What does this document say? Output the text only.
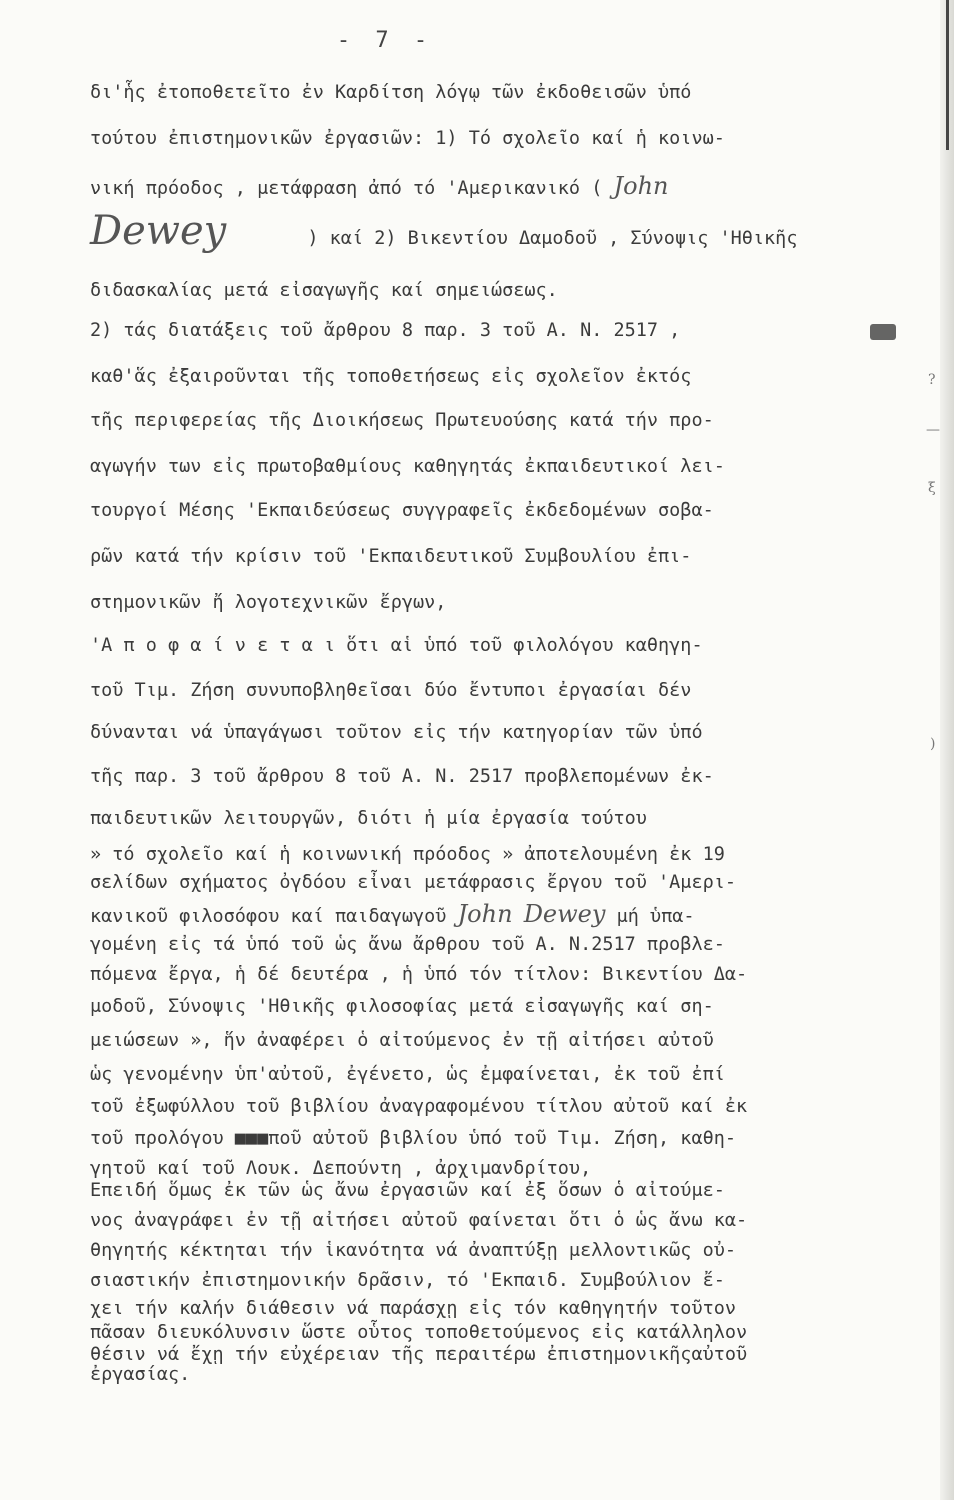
- 7 -
δι'ἧς ἐτοποθετεῖτο ἐν Καρδίτση λόγῳ τῶν ἐκδοθεισῶν ὑπό
τούτου ἐπιστημονικῶν ἐργασιῶν: 1) Τό σχολεῖο καί ἡ κοινω-
νική πρόοδος , μετάφραση ἀπό τό 'Αμερικανικό ( John
Dewey	) καί 2) Βικεντίου Δαμοδοῦ , Σύνοψις 'Ηθικῆς
διδασκαλίας μετά εἰσαγωγῆς καί σημειώσεως.
2) τάς διατάξεις τοῦ ἄρθρου 8 παρ. 3 τοῦ Α. Ν. 2517 ,
καθ'ἅς ἐξαιροῦνται τῆς τοποθετήσεως εἰς σχολεῖον ἐκτός
τῆς περιφερείας τῆς Διοικήσεως Πρωτευούσης κατά τήν προ-
αγωγήν των εἰς πρωτοβαθμίους καθηγητάς ἐκπαιδευτικοί λει-
τουργοί Μέσης 'Εκπαιδεύσεως συγγραφεῖς ἐκδεδομένων σοβα-
ρῶν κατά τήν κρίσιν τοῦ 'Εκπαιδευτικοῦ Συμβουλίου ἐπι-
στημονικῶν ἤ λογοτεχνικῶν ἔργων,
'Α π ο φ α ί ν ε τ α ι ὅτι αἱ ὑπό τοῦ φιλολόγου καθηγη-
τοῦ Τιμ. Ζήση συνυποβληθεῖσαι δύο ἔντυποι ἐργασίαι δέν
δύνανται νά ὑπαγάγωσι τοῦτον εἰς τήν κατηγορίαν τῶν ὑπό
τῆς παρ. 3 τοῦ ἄρθρου 8 τοῦ Α. Ν. 2517 προβλεπομένων ἐκ-
παιδευτικῶν λειτουργῶν, διότι ἡ μία ἐργασία τούτου
» τό σχολεῖο καί ἡ κοινωνική πρόοδος » ἀποτελουμένη ἐκ 19
σελίδων σχήματος ὀγδόου εἶναι μετάφρασις ἔργου τοῦ 'Αμερι-
κανικοῦ φιλοσόφου καί παιδαγωγοῦ John Dewey μή ὑπα-
γομένη εἰς τά ὑπό τοῦ ὡς ἄνω ἄρθρου τοῦ Α. Ν.2517 προβλε-
πόμενα ἔργα, ἡ δέ δευτέρα , ἡ ὑπό τόν τίτλον: Βικεντίου Δα-
μοδοῦ, Σύνοψις 'Ηθικῆς φιλοσοφίας μετά εἰσαγωγῆς καί ση-
μειώσεων », ἥν ἀναφέρει ὁ αἰτούμενος ἐν τῇ αἰτήσει αὐτοῦ
ὡς γενομένην ὑπ'αὐτοῦ, ἐγένετο, ὡς ἐμφαίνεται, ἐκ τοῦ ἐπί
τοῦ ἐξωφύλλου τοῦ βιβλίου ἀναγραφομένου τίτλου αὐτοῦ καί ἐκ
τοῦ προλόγου ■■■ποῦ αὐτοῦ βιβλίου ὑπό τοῦ Τιμ. Ζήση, καθη-
γητοῦ καί τοῦ Λουκ. Δεπούντη , ἀρχιμανδρίτου,
Επειδή ὅμως ἐκ τῶν ὡς ἄνω ἐργασιῶν καί ἐξ ὅσων ὁ αἰτούμε-
νος ἀναγράφει ἐν τῇ αἰτήσει αὐτοῦ φαίνεται ὅτι ὁ ὡς ἄνω κα-
θηγητής κέκτηται τήν ἱκανότητα νά ἀναπτύξῃ μελλοντικῶς οὐ-
σιαστικήν ἐπιστημονικήν δρᾶσιν, τό 'Εκπαιδ. Συμβούλιον ἔ-
χει τήν καλήν διάθεσιν νά παράσχῃ εἰς τόν καθηγητήν τοῦτον
πᾶσαν διευκόλυνσιν ὥστε οὗτος τοποθετούμενος εἰς κατάλληλον
θέσιν νά ἔχῃ τήν εὐχέρειαν τῆς περαιτέρω ἐπιστημονικῆςαὐτοῦ
ἐργασίας.
?
—
ξ
)
